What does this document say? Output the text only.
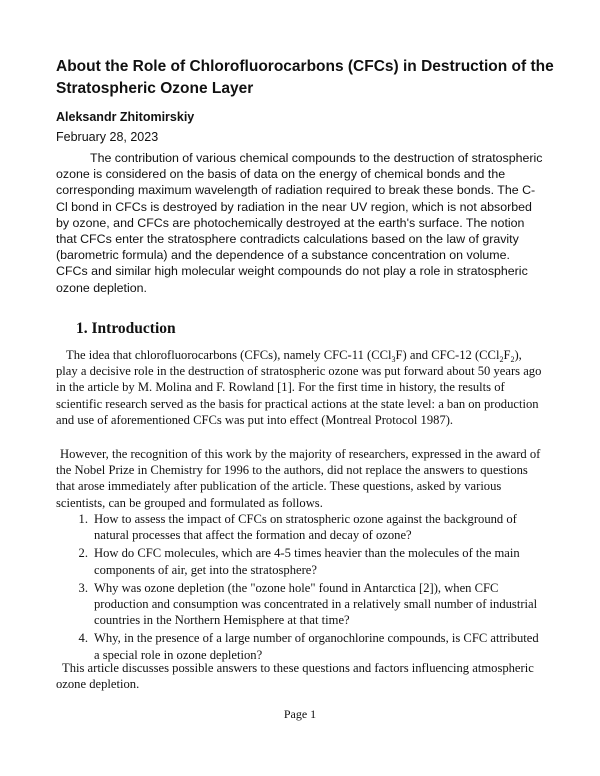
About the Role of Chlorofluorocarbons (CFCs) in Destruction of the Stratospheric Ozone Layer
Aleksandr Zhitomirskiy
February 28, 2023

The contribution of various chemical compounds to the destruction of stratospheric ozone is considered on the basis of data on the energy of chemical bonds and the corresponding maximum wavelength of radiation required to break these bonds. The C-Cl bond in CFCs is destroyed by radiation in the near UV region, which is not absorbed by ozone, and CFCs are photochemically destroyed at the earth's surface. The notion that CFCs enter the stratosphere contradicts calculations based on the law of gravity (barometric formula) and the dependence of a substance concentration on volume. CFCs and similar high molecular weight compounds do not play a role in stratospheric ozone depletion.

1. Introduction

The idea that chlorofluorocarbons (CFCs), namely CFC-11 (CCl$_3$F) and CFC-12 $(CCl_2F_2)$, play a decisive role in the destruction of stratospheric ozone was put forward about 50 years ago in the article by M. Molina and F. Rowland [1]. For the first time in history, the results of scientific research served as the basis for practical actions at the state level: a ban on production and use of aforementioned CFCs was put into effect (Montreal Protocol 1987).

However, the recognition of this work by the majority of researchers, expressed in the award of the Nobel Prize in Chemistry for 1996 to the authors, did not replace the answers to questions that arose immediately after publication of the article. These questions, asked by various scientists, can be grouped and formulated as follows.

1. How to assess the impact of CFCs on stratospheric ozone against the background of natural processes that affect the formation and decay of ozone?
2. How do CFC molecules, which are 4-5 times heavier than the molecules of the main components of air, get into the stratosphere?
3. Why was ozone depletion (the "ozone hole" found in Antarctica [2]), when CFC production and consumption was concentrated in a relatively small number of industrial countries in the Northern Hemisphere at that time?
4. Why, in the presence of a large number of organochlorine compounds, is CFC attributed a special role in ozone depletion?

This article discusses possible answers to these questions and factors influencing atmospheric ozone depletion.

Page 1
